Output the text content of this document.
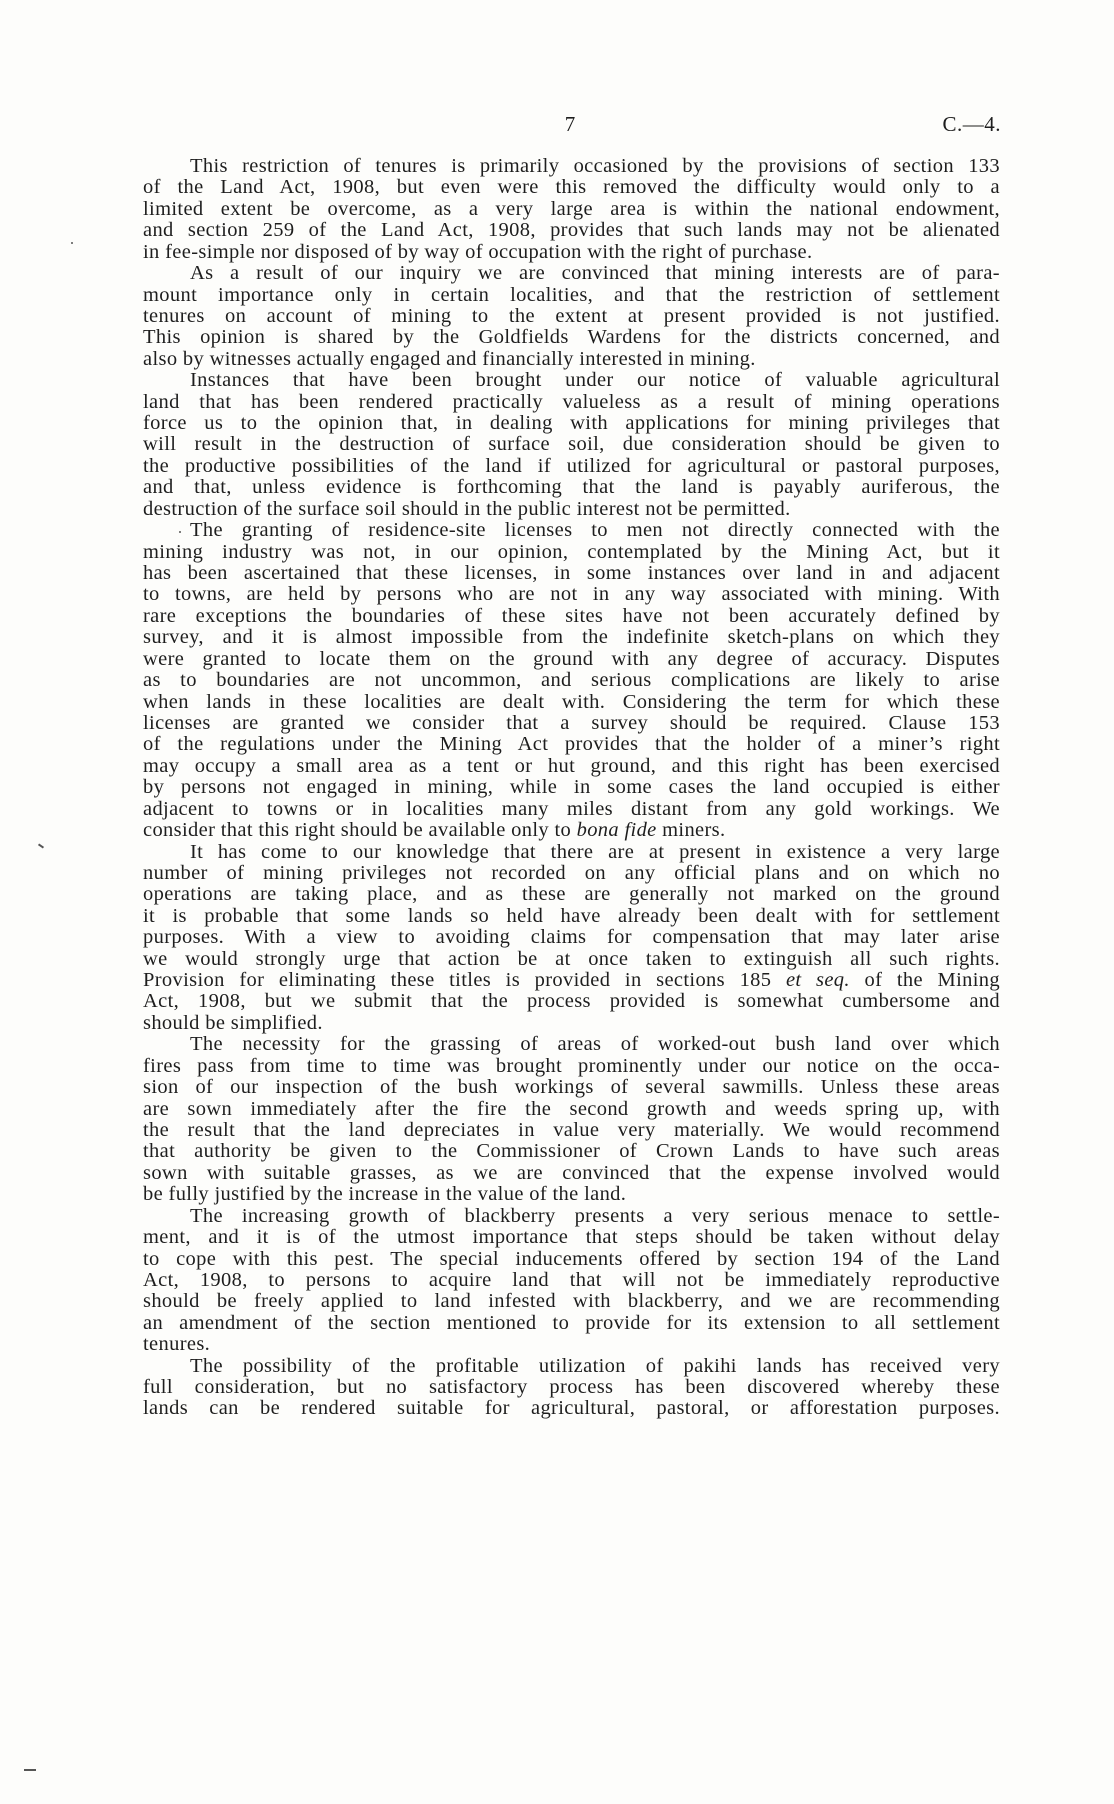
7	C.—4.
This restriction of tenures is primarily occasioned by the provisions of section 133
of the Land Act, 1908, but even were this removed the difficulty would only to a
limited extent be overcome, as a very large area is within the national endowment,
and section 259 of the Land Act, 1908, provides that such lands may not be alienated
in fee-simple nor disposed of by way of occupation with the right of purchase.
As a result of our inquiry we are convinced that mining interests are of para-
mount importance only in certain localities, and that the restriction of settlement
tenures on account of mining to the extent at present provided is not justified.
This opinion is shared by the Goldfields Wardens for the districts concerned, and
also by witnesses actually engaged and financially interested in mining.
Instances that have been brought under our notice of valuable agricultural
land that has been rendered practically valueless as a result of mining operations
force us to the opinion that, in dealing with applications for mining privileges that
will result in the destruction of surface soil, due consideration should be given to
the productive possibilities of the land if utilized for agricultural or pastoral purposes,
and that, unless evidence is forthcoming that the land is payably auriferous, the
destruction of the surface soil should in the public interest not be permitted.
The granting of residence-site licenses to men not directly connected with the
mining industry was not, in our opinion, contemplated by the Mining Act, but it
has been ascertained that these licenses, in some instances over land in and adjacent
to towns, are held by persons who are not in any way associated with mining. With
rare exceptions the boundaries of these sites have not been accurately defined by
survey, and it is almost impossible from the indefinite sketch-plans on which they
were granted to locate them on the ground with any degree of accuracy. Disputes
as to boundaries are not uncommon, and serious complications are likely to arise
when lands in these localities are dealt with. Considering the term for which these
licenses are granted we consider that a survey should be required. Clause 153
of the regulations under the Mining Act provides that the holder of a miner’s right
may occupy a small area as a tent or hut ground, and this right has been exercised
by persons not engaged in mining, while in some cases the land occupied is either
adjacent to towns or in localities many miles distant from any gold workings. We
consider that this right should be available only to bona fide miners.
It has come to our knowledge that there are at present in existence a very large
number of mining privileges not recorded on any official plans and on which no
operations are taking place, and as these are generally not marked on the ground
it is probable that some lands so held have already been dealt with for settlement
purposes. With a view to avoiding claims for compensation that may later arise
we would strongly urge that action be at once taken to extinguish all such rights.
Provision for eliminating these titles is provided in sections 185 et seq. of the Mining
Act, 1908, but we submit that the process provided is somewhat cumbersome and
should be simplified.
The necessity for the grassing of areas of worked-out bush land over which
fires pass from time to time was brought prominently under our notice on the occa-
sion of our inspection of the bush workings of several sawmills. Unless these areas
are sown immediately after the fire the second growth and weeds spring up, with
the result that the land depreciates in value very materially. We would recommend
that authority be given to the Commissioner of Crown Lands to have such areas
sown with suitable grasses, as we are convinced that the expense involved would
be fully justified by the increase in the value of the land.
The increasing growth of blackberry presents a very serious menace to settle-
ment, and it is of the utmost importance that steps should be taken without delay
to cope with this pest. The special inducements offered by section 194 of the Land
Act, 1908, to persons to acquire land that will not be immediately reproductive
should be freely applied to land infested with blackberry, and we are recommending
an amendment of the section mentioned to provide for its extension to all settlement
tenures.
The possibility of the profitable utilization of pakihi lands has received very
full consideration, but no satisfactory process has been discovered whereby these
lands can be rendered suitable for agricultural, pastoral, or afforestation purposes.
